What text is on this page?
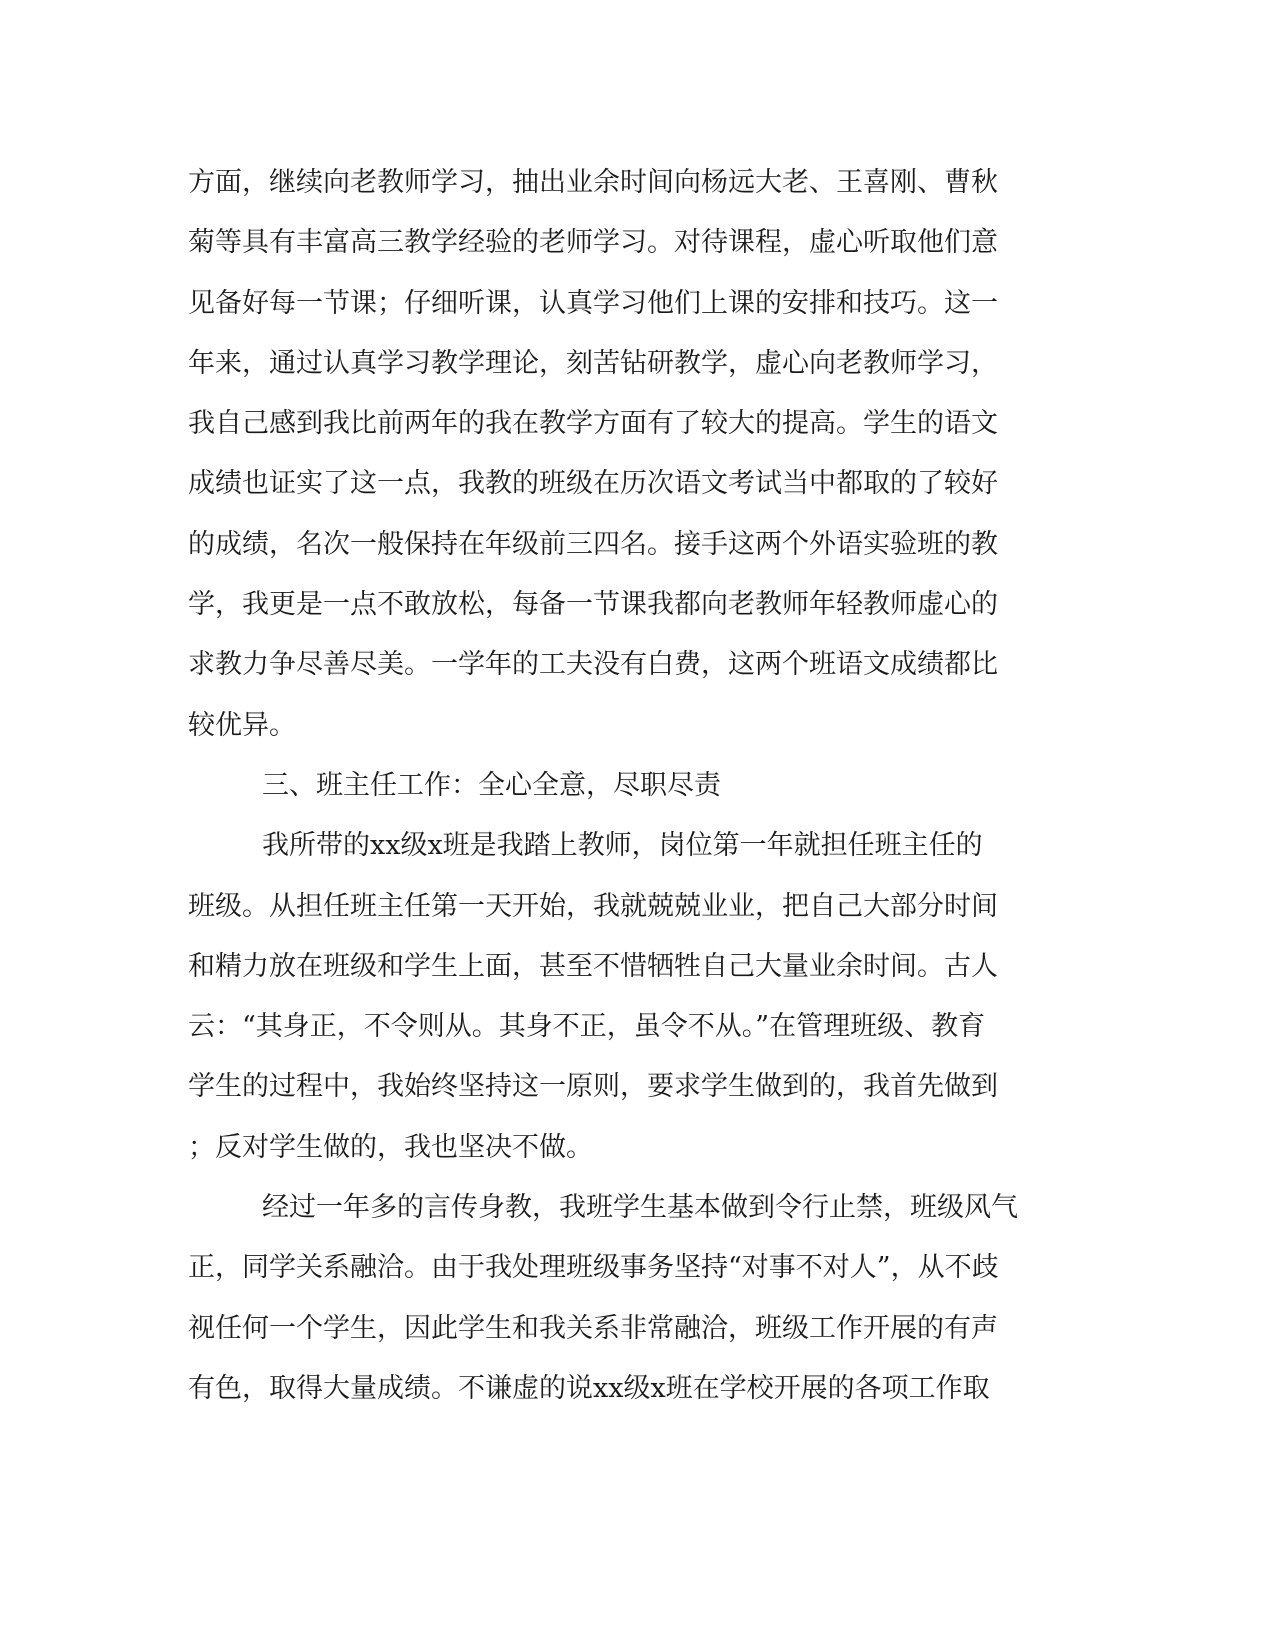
方面，继续向老教师学习，抽出业余时间向杨远大老、王喜刚、曹秋
菊等具有丰富高三教学经验的老师学习。对待课程，虚心听取他们意
见备好每一节课；仔细听课，认真学习他们上课的安排和技巧。这一
年来，通过认真学习教学理论，刻苦钻研教学，虚心向老教师学习，
我自己感到我比前两年的我在教学方面有了较大的提高。学生的语文
成绩也证实了这一点，我教的班级在历次语文考试当中都取的了较好
的成绩，名次一般保持在年级前三四名。接手这两个外语实验班的教
学，我更是一点不敢放松，每备一节课我都向老教师年轻教师虚心的
求教力争尽善尽美。一学年的工夫没有白费，这两个班语文成绩都比
较优异。
三、班主任工作：全心全意，尽职尽责
我所带的xx级x班是我踏上教师，岗位第一年就担任班主任的
班级。从担任班主任第一天开始，我就兢兢业业，把自己大部分时间
和精力放在班级和学生上面，甚至不惜牺牲自己大量业余时间。古人
云：“其身正，不令则从。其身不正，虽令不从。”在管理班级、教育
学生的过程中，我始终坚持这一原则，要求学生做到的，我首先做到
；反对学生做的，我也坚决不做。
经过一年多的言传身教，我班学生基本做到令行止禁，班级风气
正，同学关系融洽。由于我处理班级事务坚持“对事不对人”，从不歧
视任何一个学生，因此学生和我关系非常融洽，班级工作开展的有声
有色，取得大量成绩。不谦虚的说xx级x班在学校开展的各项工作取
